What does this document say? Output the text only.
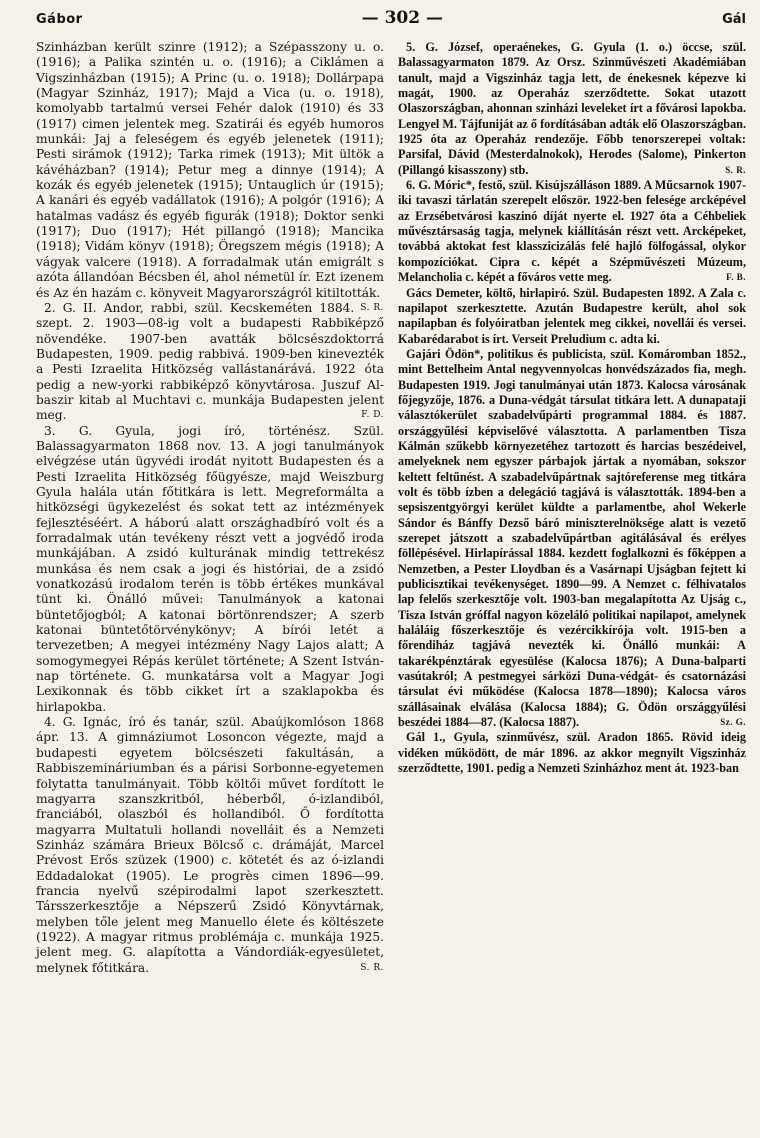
Gábor	— 302 —	Gál

Szinházban került szinre (1912); a Szépasszony u. o. (1916); a Palika szintén u. o. (1916); a Ciklámen a Vigszinházban (1915); A Princ (u. o. 1918); Dollárpapa (Magyar Szinház, 1917); Majd a Vica (u. o. 1918), komolyabb tartalmú versei Fehér dalok (1910) és 33 (1917) cimen jelentek meg. Szatirái és egyéb humoros munkái: Jaj a feleségem és egyéb jelenetek (1911); Pesti sirámok (1912); Tarka rimek (1913); Mit ültök a kávéházban? (1914); Petur meg a dinnye (1914); A kozák és egyéb jelenetek (1915); Untauglich úr (1915); A kanári és egyéb vadállatok (1916); A polgór (1916); A hatalmas vadász és egyéb figurák (1918); Doktor senki (1917); Duo (1917); Hét pillangó (1918); Mancika (1918); Vidám könyv (1918); Öregszem mégis (1918); A vágyak valcere (1918). A forradalmak után emigrált s azóta állandóan Bécsben él, ahol németül ír. Ezt izenem és Az én hazám c. könyveit Magyarországról kitiltották.
S. R.

2. G. II. Andor, rabbi, szül. Kecskeméten 1884. szept. 2. 1903—08-ig volt a budapesti Rabbiképző növendéke. 1907-ben avatták bölcsészdoktorrá Budapesten, 1909. pedig rabbivá. 1909-ben kinevezték a Pesti Izraelita Hitközség vallástanárává. 1922 óta pedig a new-yorki rabbiképző könyvtárosa. Juszuf Al-baszir kitab al Muchtavi c. munkája Budapesten jelent meg.	F. D.

3. G. Gyula, jogi író, történész. Szül. Balassagyarmaton 1868 nov. 13. A jogi tanulmányok elvégzése után ügyvédi irodát nyitott Budapesten és a Pesti Izraelita Hitközség főügyésze, majd Weiszburg Gyula halála után főtitkára is lett. Megreformálta a hitközségi ügykezelést és sokat tett az intézmények fejlesztéséért. A háború alatt országhadbíró volt és a forradalmak után tevékeny részt vett a jogvédő iroda munkájában. A zsidó kulturának mindig tettrekész munkása és nem csak a jogi és históriai, de a zsidó vonatkozású irodalom terén is több értékes munkával tünt ki. Önálló művei: Tanulmányok a katonai büntetőjogból; A katonai börtönrendszer; A szerb katonai büntetőtörvénykönyv; A bírói letét a tervezetben; A megyei intézmény Nagy Lajos alatt; A somogymegyei Répás kerület története; A Szent István-nap története. G. munkatársa volt a Magyar Jogi Lexikonnak és több cikket írt a szaklapokba és hirlapokba.

4. G. Ignác, író és tanár, szül. Abaújkomlóson 1868 ápr. 13. A gimnáziumot Losoncon végezte, majd a budapesti egyetem bölcsészeti fakultásán, a Rabbiszemináriumban és a párisi Sorbonne-egyetemen folytatta tanulmányait. Több költői művet fordított le magyarra szanszkritból, héberből, ó-izlandiból, franciából, olaszból és hollandiból. Ő fordította magyarra Multatuli hollandi novelláit és a Nemzeti Szinház számára Brieux Bölcső c. drámáját, Marcel Prévost Erős szüzek (1900) c. kötetét és az ó-izlandi Eddadalokat (1905). Le progrès cimen 1896—99. francia nyelvű szépirodalmi lapot szerkesztett. Társszerkesztője a Népszerű Zsidó Könyvtárnak, melyben tőle jelent meg Manuello élete és költészete (1922). A magyar ritmus problémája c. munkája 1925. jelent meg. G. alapította a Vándordiák-egyesületet, melynek főtitkára.	S. R.

5. G. József, operaénekes, G. Gyula (1. o.) öccse, szül. Balassagyarmaton 1879. Az Orsz. Szinművészeti Akadémiában tanult, majd a Vigszinház tagja lett, de énekesnek képezve ki magát, 1900. az Operaház szerződtette. Sokat utazott Olaszországban, ahonnan szinházi leveleket írt a fővárosi lapokba. Lengyel M. Tájfuniját az ő fordításában adták elő Olaszországban. 1925 óta az Operaház rendezője. Főbb tenorszerepei voltak: Parsifal, Dávid (Mesterdalnokok), Herodes (Salome), Pinkerton (Pillangó kisasszony) stb.	S. R.

6. G. Móric*, festő, szül. Kisújszálláson 1889. A Műcsarnok 1907-iki tavaszi tárlatán szerepelt először. 1922-ben felesége arcképével az Erzsébetvárosi kaszinó díját nyerte el. 1927 óta a Céhbeliek művésztársaság tagja, melynek kiállításán részt vett. Arcképeket, továbbá aktokat fest klasszicizálás felé hajló fölfogással, olykor kompozíciókat. Cipra c. képét a Szépművészeti Múzeum, Melancholia c. képét a főváros vette meg.	F. B.

Gács Demeter, költő, hirlapiró. Szül. Budapesten 1892. A Zala c. napilapot szerkesztette. Azután Budapestre került, ahol sok napilapban és folyóiratban jelentek meg cikkei, novellái és versei. Kabarédarabot is írt. Verseit Preludium c. adta ki.

Gajári Ödön*, politikus és publicista, szül. Komáromban 1852., mint Bettelheim Antal negyvennyolcas honvédszázados fia, megh. Budapesten 1919. Jogi tanulmányai után 1873. Kalocsa városának főjegyzője, 1876. a Duna-védgát társulat titkára lett. A dunapataji választókerület szabadelvűpárti programmal 1884. és 1887. országgyűlési képviselővé választotta. A parlamentben Tisza Kálmán szűkebb környezetéhez tartozott és harcias beszédeivel, amelyeknek nem egyszer párbajok jártak a nyomában, sokszor keltett feltűnést. A szabadelvűpártnak sajtóreferense meg titkára volt és több ízben a delegáció tagjává is választották. 1894-ben a sepsiszentgyörgyi kerület küldte a parlamentbe, ahol Wekerle Sándor és Bánffy Dezső báró miniszterelnöksége alatt is vezető szerepet játszott a szabadelvűpártban agitálásával és erélyes föllépésével. Hirlapírással 1884. kezdett foglalkozni és főképpen a Nemzetben, a Pester Lloydban és a Vasárnapi Ujságban fejtett ki publicisztikai tevékenységet. 1890—99. A Nemzet c. félhivatalos lap felelős szerkesztője volt. 1903-ban megalapította Az Ujság c., Tisza István gróffal nagyon közeláló politikai napilapot, amelynek haláláig főszerkesztője és vezércikkírója volt. 1915-ben a főrendiház tagjává nevezték ki. Önálló munkái: A takarékpénztárak egyesülése (Kalocsa 1876); A Duna-balparti vasútakról; A pestmegyei sárközi Duna-védgát- és csatornázási társulat évi működése (Kalocsa 1878—1890); Kalocsa város szállásainak elválása (Kalocsa 1884); G. Ödön országgyűlési beszédei 1884—87. (Kalocsa 1887).	Sz. G.

Gál 1., Gyula, szinművész, szül. Aradon 1865. Rövid ideig vidéken működött, de már 1896. az akkor megnyilt Vigszinház szerződtette, 1901. pedig a Nemzeti Szinházhoz ment át. 1923-ban
